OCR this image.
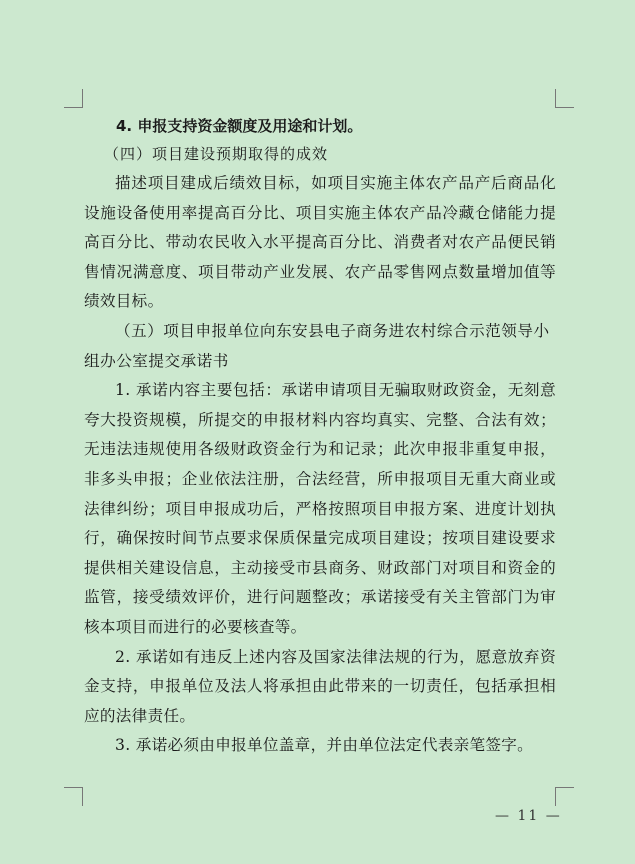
4. 申报支持资金额度及用途和计划。

（四）项目建设预期取得的成效

描述项目建成后绩效目标，如项目实施主体农产品产后商品化设施设备使用率提高百分比、项目实施主体农产品冷藏仓储能力提高百分比、带动农民收入水平提高百分比、消费者对农产品便民销售情况满意度、项目带动产业发展、农产品零售网点数量增加值等绩效目标。

（五）项目申报单位向东安县电子商务进农村综合示范领导小组办公室提交承诺书

1. 承诺内容主要包括：承诺申请项目无骗取财政资金，无刻意夸大投资规模，所提交的申报材料内容均真实、完整、合法有效；无违法违规使用各级财政资金行为和记录；此次申报非重复申报，非多头申报；企业依法注册，合法经营，所申报项目无重大商业或法律纠纷；项目申报成功后，严格按照项目申报方案、进度计划执行，确保按时间节点要求保质保量完成项目建设；按项目建设要求提供相关建设信息，主动接受市县商务、财政部门对项目和资金的监管，接受绩效评价，进行问题整改；承诺接受有关主管部门为审核本项目而进行的必要核查等。

2. 承诺如有违反上述内容及国家法律法规的行为，愿意放弃资金支持，申报单位及法人将承担由此带来的一切责任，包括承担相应的法律责任。

3. 承诺必须由申报单位盖章，并由单位法定代表亲笔签字。

— 11 —
